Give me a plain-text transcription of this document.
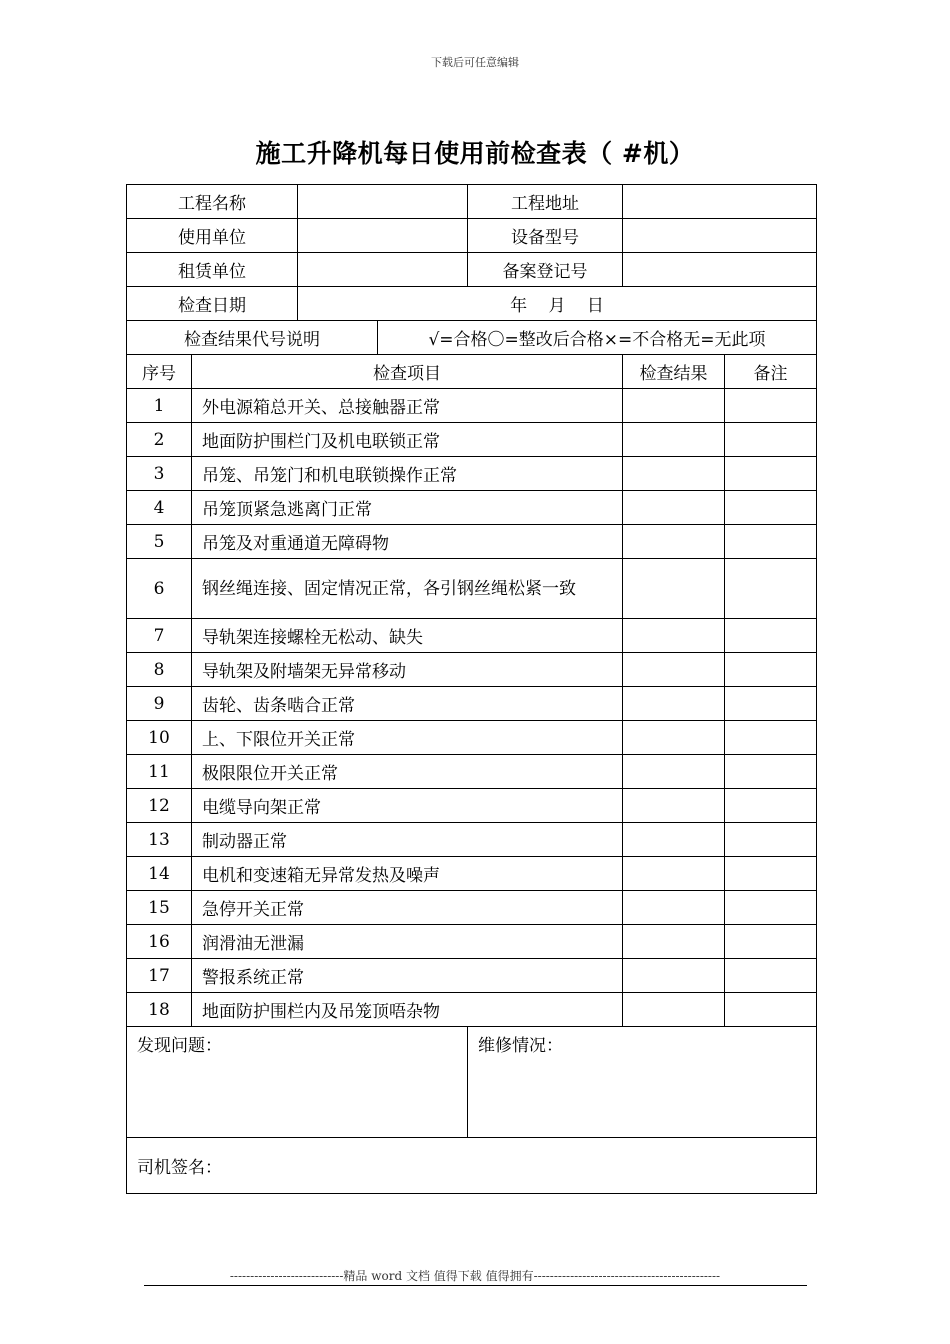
下载后可任意编辑
施工升降机每日使用前检查表（ #机）
工程名称				工程地址		
使用单位				设备型号		
租赁单位				备案登记号		
检查日期		年 月 日				
检查结果代号说明			√=合格〇=整改后合格×=不合格无=无此项			
序号	检查项目				检查结果	备注
1	外电源箱总开关、总接触器正常					
2	地面防护围栏门及机电联锁正常					
3	吊笼、吊笼门和机电联锁操作正常					
4	吊笼顶紧急逃离门正常					
5	吊笼及对重通道无障碍物					
6	钢丝绳连接、固定情况正常，各引钢丝绳松紧一致					
7	导轨架连接螺栓无松动、缺失					
8	导轨架及附墙架无异常移动					
9	齿轮、齿条啮合正常					
10	上、下限位开关正常					
11	极限限位开关正常					
12	电缆导向架正常					
13	制动器正常					
14	电机和变速箱无异常发热及噪声					
15	急停开关正常					
16	润滑油无泄漏					
17	警报系统正常					
18	地面防护围栏内及吊笼顶唔杂物					
发现问题：				维修情况：		
司机签名：						
----------------------------精品 word 文档 值得下载 值得拥有----------------------------------------------
